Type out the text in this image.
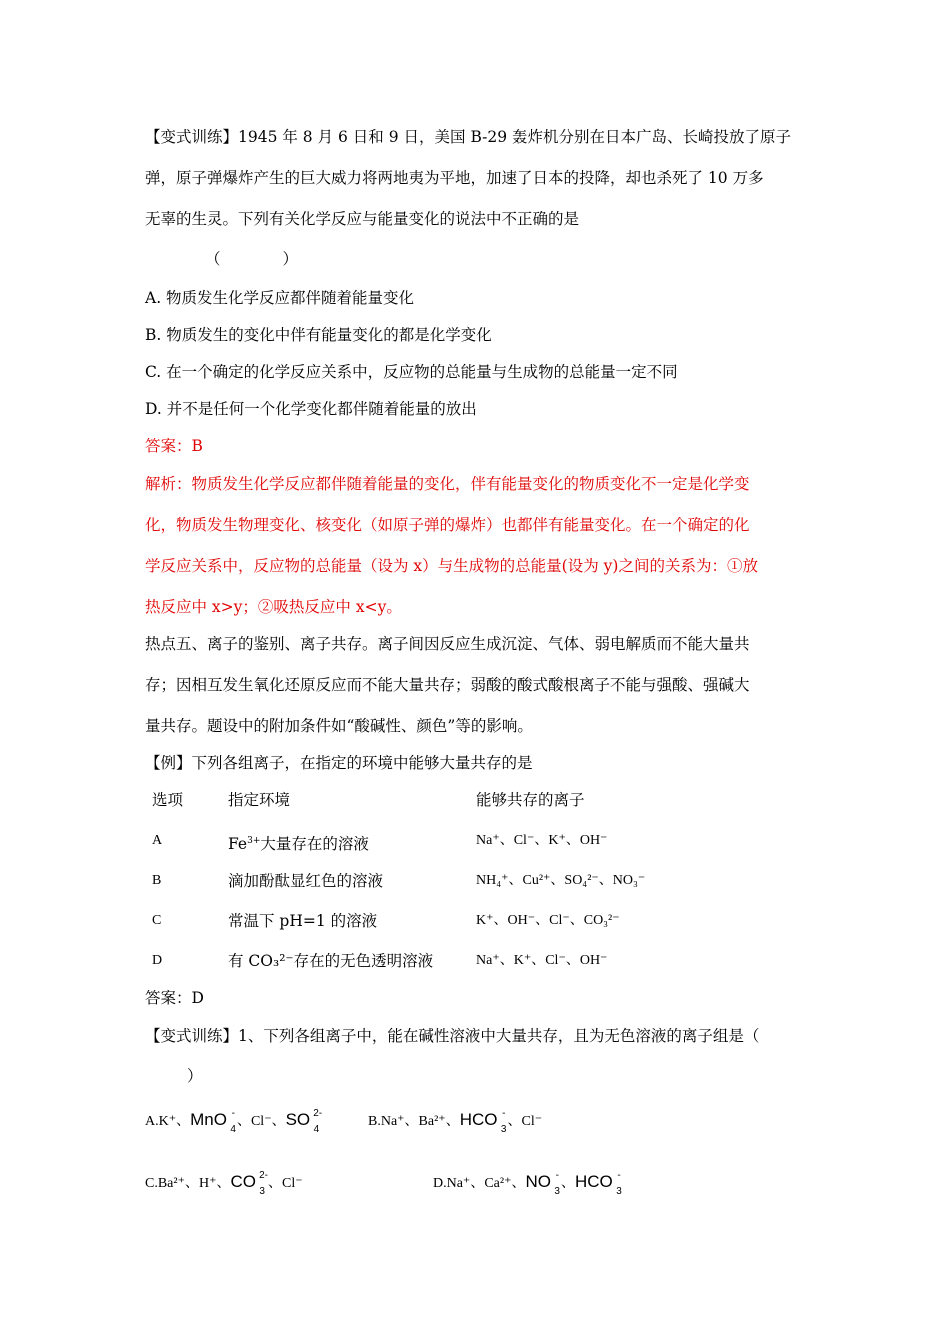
【变式训练】1945 年 8 月 6 日和 9 日，美国 B-29 轰炸机分别在日本广岛、长崎投放了原子
弹，原子弹爆炸产生的巨大威力将两地夷为平地，加速了日本的投降，却也杀死了 10 万多
无辜的生灵。下列有关化学反应与能量变化的说法中不正确的是
（　　　　）
A. 物质发生化学反应都伴随着能量变化
B. 物质发生的变化中伴有能量变化的都是化学变化
C. 在一个确定的化学反应关系中，反应物的总能量与生成物的总能量一定不同
D. 并不是任何一个化学变化都伴随着能量的放出
答案：B
解析：物质发生化学反应都伴随着能量的变化，伴有能量变化的物质变化不一定是化学变
化，物质发生物理变化、核变化（如原子弹的爆炸）也都伴有能量变化。在一个确定的化
学反应关系中，反应物的总能量（设为 x）与生成物的总能量(设为 y)之间的关系为：①放
热反应中 x>y；②吸热反应中 x<y。
热点五、离子的鉴别、离子共存。离子间因反应生成沉淀、气体、弱电解质而不能大量共
存；因相互发生氧化还原反应而不能大量共存；弱酸的酸式酸根离子不能与强酸、强碱大
量共存。题设中的附加条件如“酸碱性、颜色”等的影响。
【例】下列各组离子，在指定的环境中能够大量共存的是
选项	指定环境	能够共存的离子
A	$Fe^{3+}$大量存在的溶液	Na⁺、Cl⁻、K⁺、OH⁻
B	滴加酚酞显红色的溶液	NH₄⁺、Cu²⁺、SO₄²⁻、NO₃⁻
C	常温下 pH=1 的溶液	K⁺、OH⁻、Cl⁻、CO₃²⁻
D	有 CO₃²⁻存在的无色透明溶液	Na⁺、K⁺、Cl⁻、OH⁻
答案：D
【变式训练】1、下列各组离子中，能在碱性溶液中大量共存，且为无色溶液的离子组是（
）
A.K⁺、MnO -
4
、Cl⁻、SO 2-
4
B.Na⁺、Ba²⁺、HCO -
3
、Cl⁻
C.Ba²⁺、H⁺、CO 2-
3
、Cl⁻	D.Na⁺、Ca²⁺、NO -
3
、HCO -
3
